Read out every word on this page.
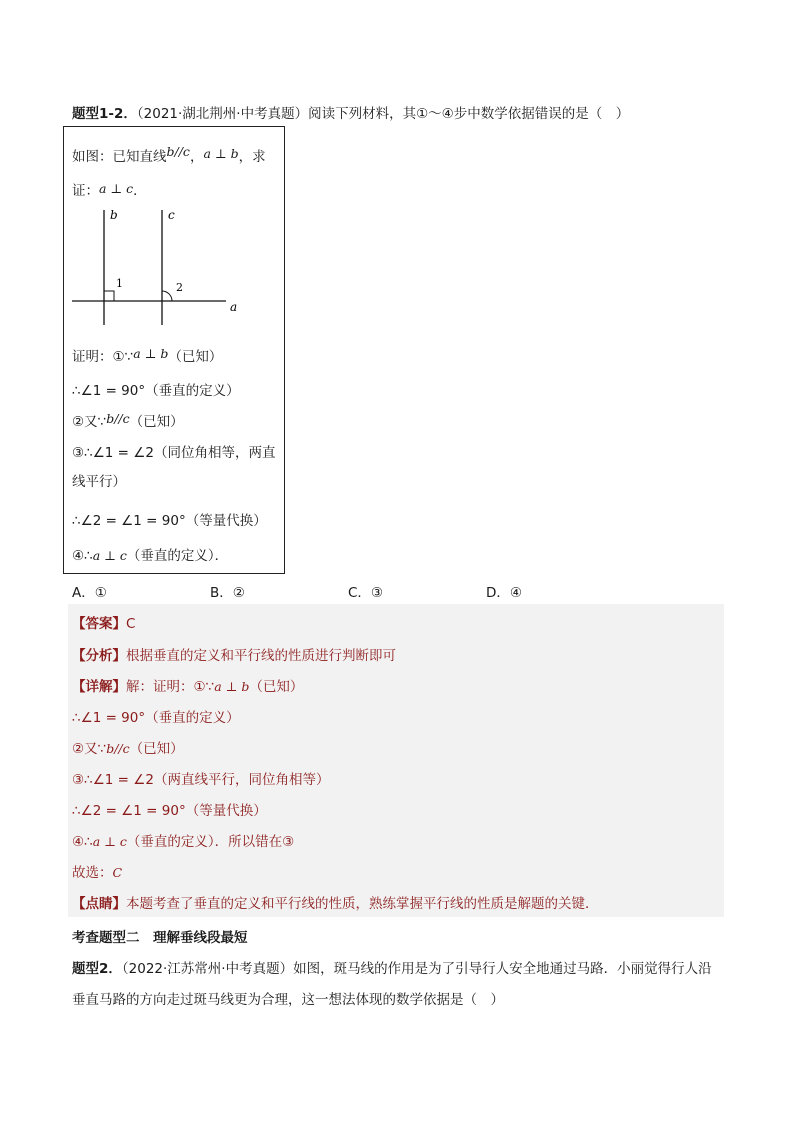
题型1-2．（2021·湖北荆州·中考真题）阅读下列材料，其①～④步中数学依据错误的是（　）
如图：已知直线b//c，a ⊥ b，求
证：a ⊥ c．
b	c
a
1	2
证明：①∵a ⊥ b（已知）
∴∠1 = 90°（垂直的定义）
②又∵b//c（已知）
③∴∠1 = ∠2（同位角相等，两直
线平行）
∴∠2 = ∠1 = 90°（等量代换）
④∴a ⊥ c（垂直的定义）．
A．①	B．②	C．③	D．④
【答案】C
【分析】根据垂直的定义和平行线的性质进行判断即可
【详解】解：证明：①∵a ⊥ b（已知）
∴∠1 = 90°（垂直的定义）
②又∵b//c（已知）
③∴∠1 = ∠2（两直线平行，同位角相等）
∴∠2 = ∠1 = 90°（等量代换）
④∴a ⊥ c（垂直的定义）．所以错在③
故选：C
【点睛】本题考查了垂直的定义和平行线的性质，熟练掌握平行线的性质是解题的关键．
考查题型二　理解垂线段最短
题型2．（2022·江苏常州·中考真题）如图，斑马线的作用是为了引导行人安全地通过马路．小丽觉得行人沿
垂直马路的方向走过斑马线更为合理，这一想法体现的数学依据是（　）
